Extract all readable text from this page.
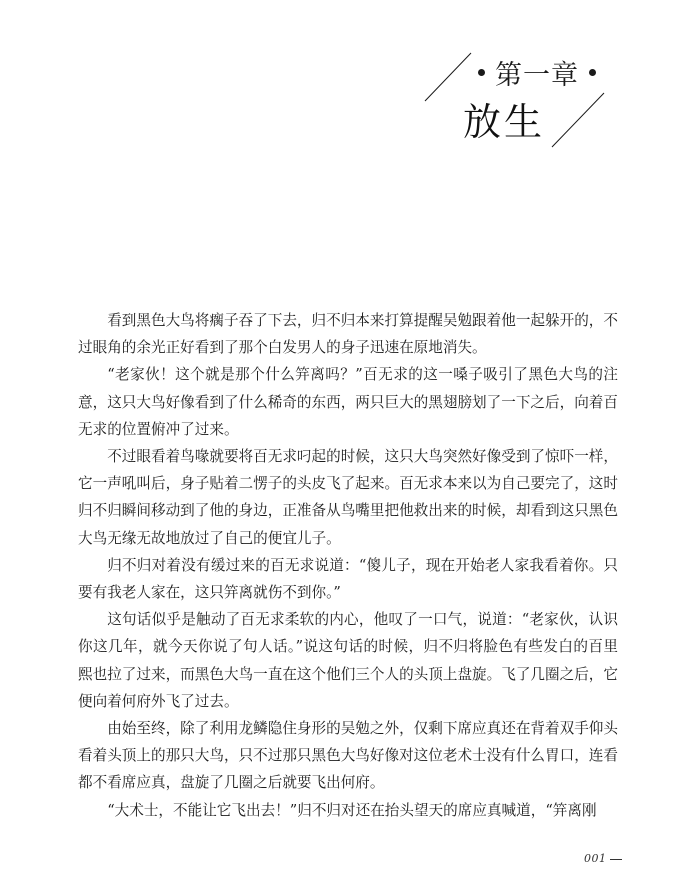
第一章
放生

看到黑色大鸟将瘸子吞了下去，归不归本来打算提醒吴勉跟着他一起躲开的，不过眼角的余光正好看到了那个白发男人的身子迅速在原地消失。

“老家伙！这个就是那个什么笄离吗？”百无求的这一嗓子吸引了黑色大鸟的注意，这只大鸟好像看到了什么稀奇的东西，两只巨大的黑翅膀划了一下之后，向着百无求的位置俯冲了过来。

不过眼看着鸟喙就要将百无求叼起的时候，这只大鸟突然好像受到了惊吓一样，它一声吼叫后，身子贴着二愣子的头皮飞了起来。百无求本来以为自己要完了，这时归不归瞬间移动到了他的身边，正准备从鸟嘴里把他救出来的时候，却看到这只黑色大鸟无缘无故地放过了自己的便宜儿子。

归不归对着没有缓过来的百无求说道：“傻儿子，现在开始老人家我看着你。只要有我老人家在，这只笄离就伤不到你。”

这句话似乎是触动了百无求柔软的内心，他叹了一口气，说道：“老家伙，认识你这几年，就今天你说了句人话。”说这句话的时候，归不归将脸色有些发白的百里熙也拉了过来，而黑色大鸟一直在这个他们三个人的头顶上盘旋。飞了几圈之后，它便向着何府外飞了过去。

由始至终，除了利用龙鳞隐住身形的吴勉之外，仅剩下席应真还在背着双手仰头看着头顶上的那只大鸟，只不过那只黑色大鸟好像对这位老术士没有什么胃口，连看都不看席应真，盘旋了几圈之后就要飞出何府。

“大术士，不能让它飞出去！”归不归对还在抬头望天的席应真喊道，“笄离刚

001
